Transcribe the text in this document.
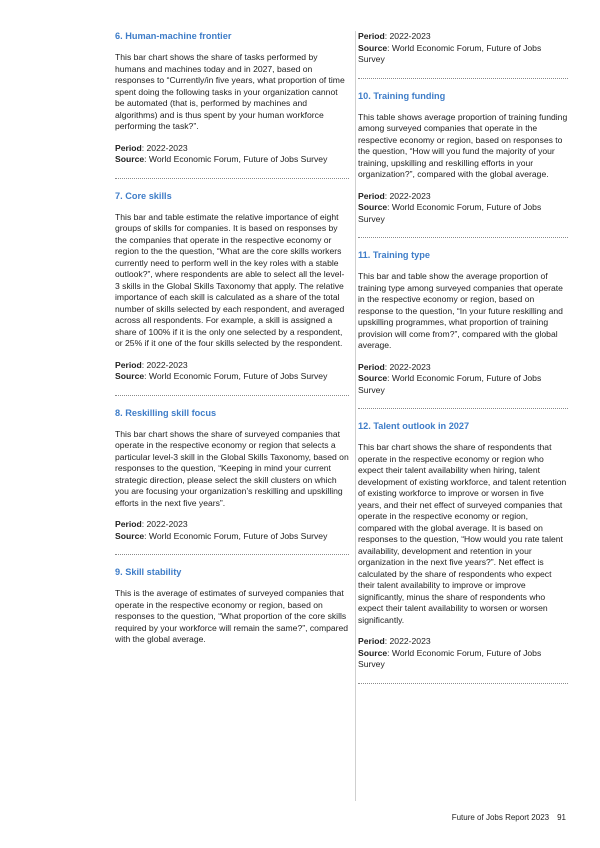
6. Human-machine frontier

This bar chart shows the share of tasks performed by humans and machines today and in 2027, based on responses to “Currently/in five years, what proportion of time spent doing the following tasks in your organization cannot be automated (that is, performed by machines and algorithms) and is thus spent by your human workforce performing the task?”.

Period: 2022-2023

Source: World Economic Forum, Future of Jobs Survey

7. Core skills

This bar and table estimate the relative importance of eight groups of skills for companies. It is based on responses by the companies that operate in the respective economy or region to the the question, “What are the core skills workers currently need to perform well in the key roles with a stable outlook?”, where respondents are able to select all the level-3 skills in the Global Skills Taxonomy that apply. The relative importance of each skill is calculated as a share of the total number of skills selected by each respondent, and averaged across all respondents. For example, a skill is assigned a share of 100% if it is the only one selected by a respondent, or 25% if it one of the four skills selected by the respondent.

Period: 2022-2023

Source: World Economic Forum, Future of Jobs Survey

8. Reskilling skill focus

This bar chart shows the share of surveyed companies that operate in the respective economy or region that selects a particular level-3 skill in the Global Skills Taxonomy, based on responses to the question, “Keeping in mind your current strategic direction, please select the skill clusters on which you are focusing your organization’s reskilling and upskilling efforts in the next five years”.

Period: 2022-2023

Source: World Economic Forum, Future of Jobs Survey

9. Skill stability

This is the average of estimates of surveyed companies that operate in the respective economy or region, based on responses to the question, “What proportion of the core skills required by your workforce will remain the same?”, compared with the global average.

Period: 2022-2023

Source: World Economic Forum, Future of Jobs Survey

10. Training funding

This table shows average proportion of training funding among surveyed companies that operate in the respective economy or region, based on responses to the question, “How will you fund the majority of your training, upskilling and reskilling efforts in your organization?”, compared with the global average.

Period: 2022-2023

Source: World Economic Forum, Future of Jobs Survey

11. Training type

This bar and table show the average proportion of training type among surveyed companies that operate in the respective economy or region, based on response to the question, “In your future reskilling and upskilling programmes, what proportion of training provision will come from?”, compared with the global average.

Period: 2022-2023

Source: World Economic Forum, Future of Jobs Survey

12. Talent outlook in 2027

This bar chart shows the share of respondents that operate in the respective economy or region who expect their talent availability when hiring, talent development of existing workforce, and talent retention of existing workforce to improve or worsen in five years, and their net effect of surveyed companies that operate in the respective economy or region, compared with the global average. It is based on responses to the question, “How would you rate talent availability, development and retention in your organization in the next five years?”. Net effect is calculated by the share of respondents who expect their talent availability to improve or improve significantly, minus the share of respondents who expect their talent availability to worsen or worsen significantly.

Period: 2022-2023

Source: World Economic Forum, Future of Jobs Survey

Future of Jobs Report 2023 91
